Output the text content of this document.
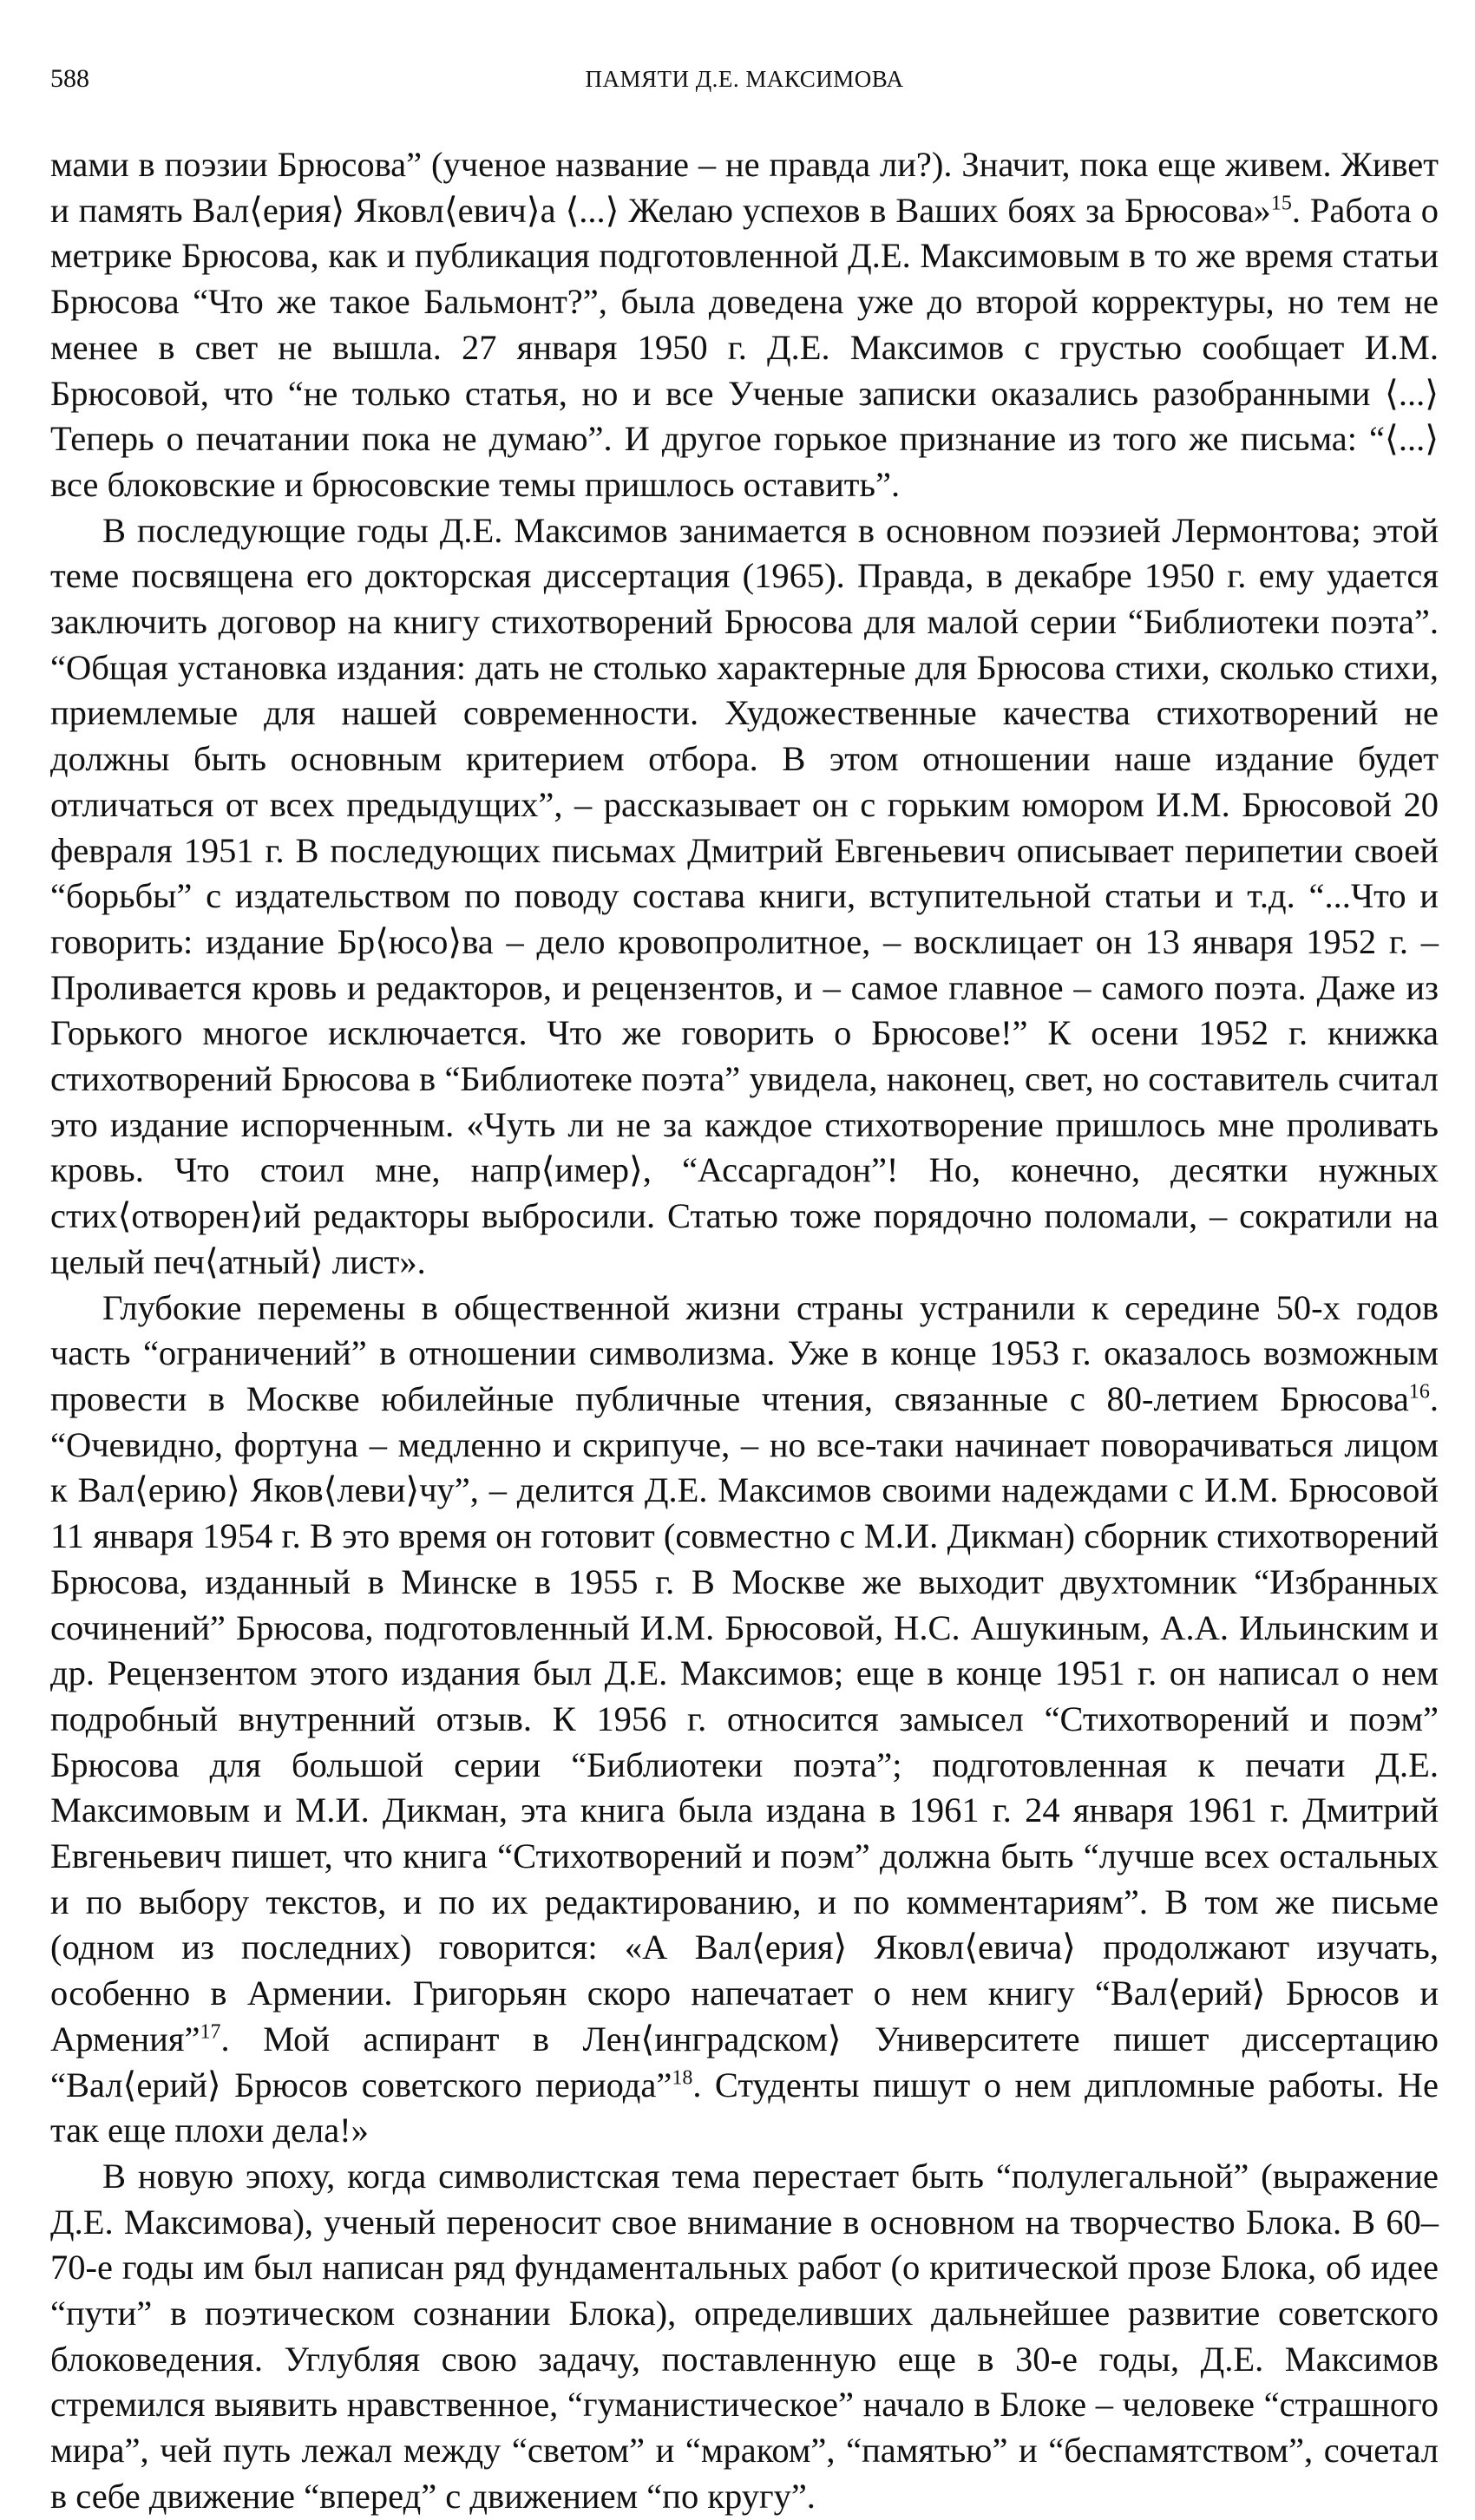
588	ПАМЯТИ Д.Е. МАКСИМОВА

мами в поэзии Брюсова” (ученое название – не правда ли?). Значит, пока еще живем. Живет и память Вал⟨ерия⟩ Яковл⟨евич⟩а ⟨...⟩ Желаю успехов в Ваших боях за Брюсова»$^{15}$. Работа о метрике Брюсова, как и публикация подготовленной Д.Е. Максимовым в то же время статьи Брюсова “Что же такое Бальмонт?”, была доведена уже до второй корректуры, но тем не менее в свет не вышла. 27 января 1950 г. Д.Е. Максимов с грустью сообщает И.М. Брюсовой, что “не только статья, но и все Ученые записки оказались разобранными ⟨...⟩ Теперь о печатании пока не думаю”. И другое горькое признание из того же письма: “⟨...⟩ все блоковские и брюсовские темы пришлось оставить”.

В последующие годы Д.Е. Максимов занимается в основном поэзией Лермонтова; этой теме посвящена его докторская диссертация (1965). Правда, в декабре 1950 г. ему удается заключить договор на книгу стихотворений Брюсова для малой серии “Библиотеки поэта”. “Общая установка издания: дать не столько характерные для Брюсова стихи, сколько стихи, приемлемые для нашей современности. Художественные качества стихотворений не должны быть основным критерием отбора. В этом отношении наше издание будет отличаться от всех предыдущих”, – рассказывает он с горьким юмором И.М. Брюсовой 20 февраля 1951 г. В последующих письмах Дмитрий Евгеньевич описывает перипетии своей “борьбы” с издательством по поводу состава книги, вступительной статьи и т.д. “...Что и говорить: издание Бр⟨юсо⟩ва – дело кровопролитное, – восклицает он 13 января 1952 г. – Проливается кровь и редакторов, и рецензентов, и – самое главное – самого поэта. Даже из Горького многое исключается. Что же говорить о Брюсове!” К осени 1952 г. книжка стихотворений Брюсова в “Библиотеке поэта” увидела, наконец, свет, но составитель считал это издание испорченным. «Чуть ли не за каждое стихотворение пришлось мне проливать кровь. Что стоил мне, напр⟨имер⟩, “Ассаргадон”! Но, конечно, десятки нужных стих⟨отворен⟩ий редакторы выбросили. Статью тоже порядочно поломали, – сократили на целый печ⟨атный⟩ лист».

Глубокие перемены в общественной жизни страны устранили к середине 50-х годов часть “ограничений” в отношении символизма. Уже в конце 1953 г. оказалось возможным провести в Москве юбилейные публичные чтения, связанные с 80-летием Брюсова$^{16}$. “Очевидно, фортуна – медленно и скрипуче, – но все-таки начинает поворачиваться лицом к Вал⟨ерию⟩ Яков⟨леви⟩чу”, – делится Д.Е. Максимов своими надеждами с И.М. Брюсовой 11 января 1954 г. В это время он готовит (совместно с М.И. Дикман) сборник стихотворений Брюсова, изданный в Минске в 1955 г. В Москве же выходит двухтомник “Избранных сочинений” Брюсова, подготовленный И.М. Брюсовой, Н.С. Ашукиным, А.А. Ильинским и др. Рецензентом этого издания был Д.Е. Максимов; еще в конце 1951 г. он написал о нем подробный внутренний отзыв. К 1956 г. относится замысел “Стихотворений и поэм” Брюсова для большой серии “Библиотеки поэта”; подготовленная к печати Д.Е. Максимовым и М.И. Дикман, эта книга была издана в 1961 г. 24 января 1961 г. Дмитрий Евгеньевич пишет, что книга “Стихотворений и поэм” должна быть “лучше всех остальных и по выбору текстов, и по их редактированию, и по комментариям”. В том же письме (одном из последних) говорится: «А Вал⟨ерия⟩ Яковл⟨евича⟩ продолжают изучать, особенно в Армении. Григорьян скоро напечатает о нем книгу “Вал⟨ерий⟩ Брюсов и Армения”$^{17}$. Мой аспирант в Лен⟨инградском⟩ Университете пишет диссертацию “Вал⟨ерий⟩ Брюсов советского периода”$^{18}$. Студенты пишут о нем дипломные работы. Не так еще плохи дела!»

В новую эпоху, когда символистская тема перестает быть “полулегальной” (выражение Д.Е. Максимова), ученый переносит свое внимание в основном на творчество Блока. В 60–70-е годы им был написан ряд фундаментальных работ (о критической прозе Блока, об идее “пути” в поэтическом сознании Блока), определивших дальнейшее развитие советского блоковедения. Углубляя свою задачу, поставленную еще в 30-е годы, Д.Е. Максимов стремился выявить нравственное, “гуманистическое” начало в Блоке – человеке “страшного мира”, чей путь лежал между “светом” и “мраком”, “памятью” и “беспамятством”, сочетал в себе движение “вперед” с движением “по кругу”.
